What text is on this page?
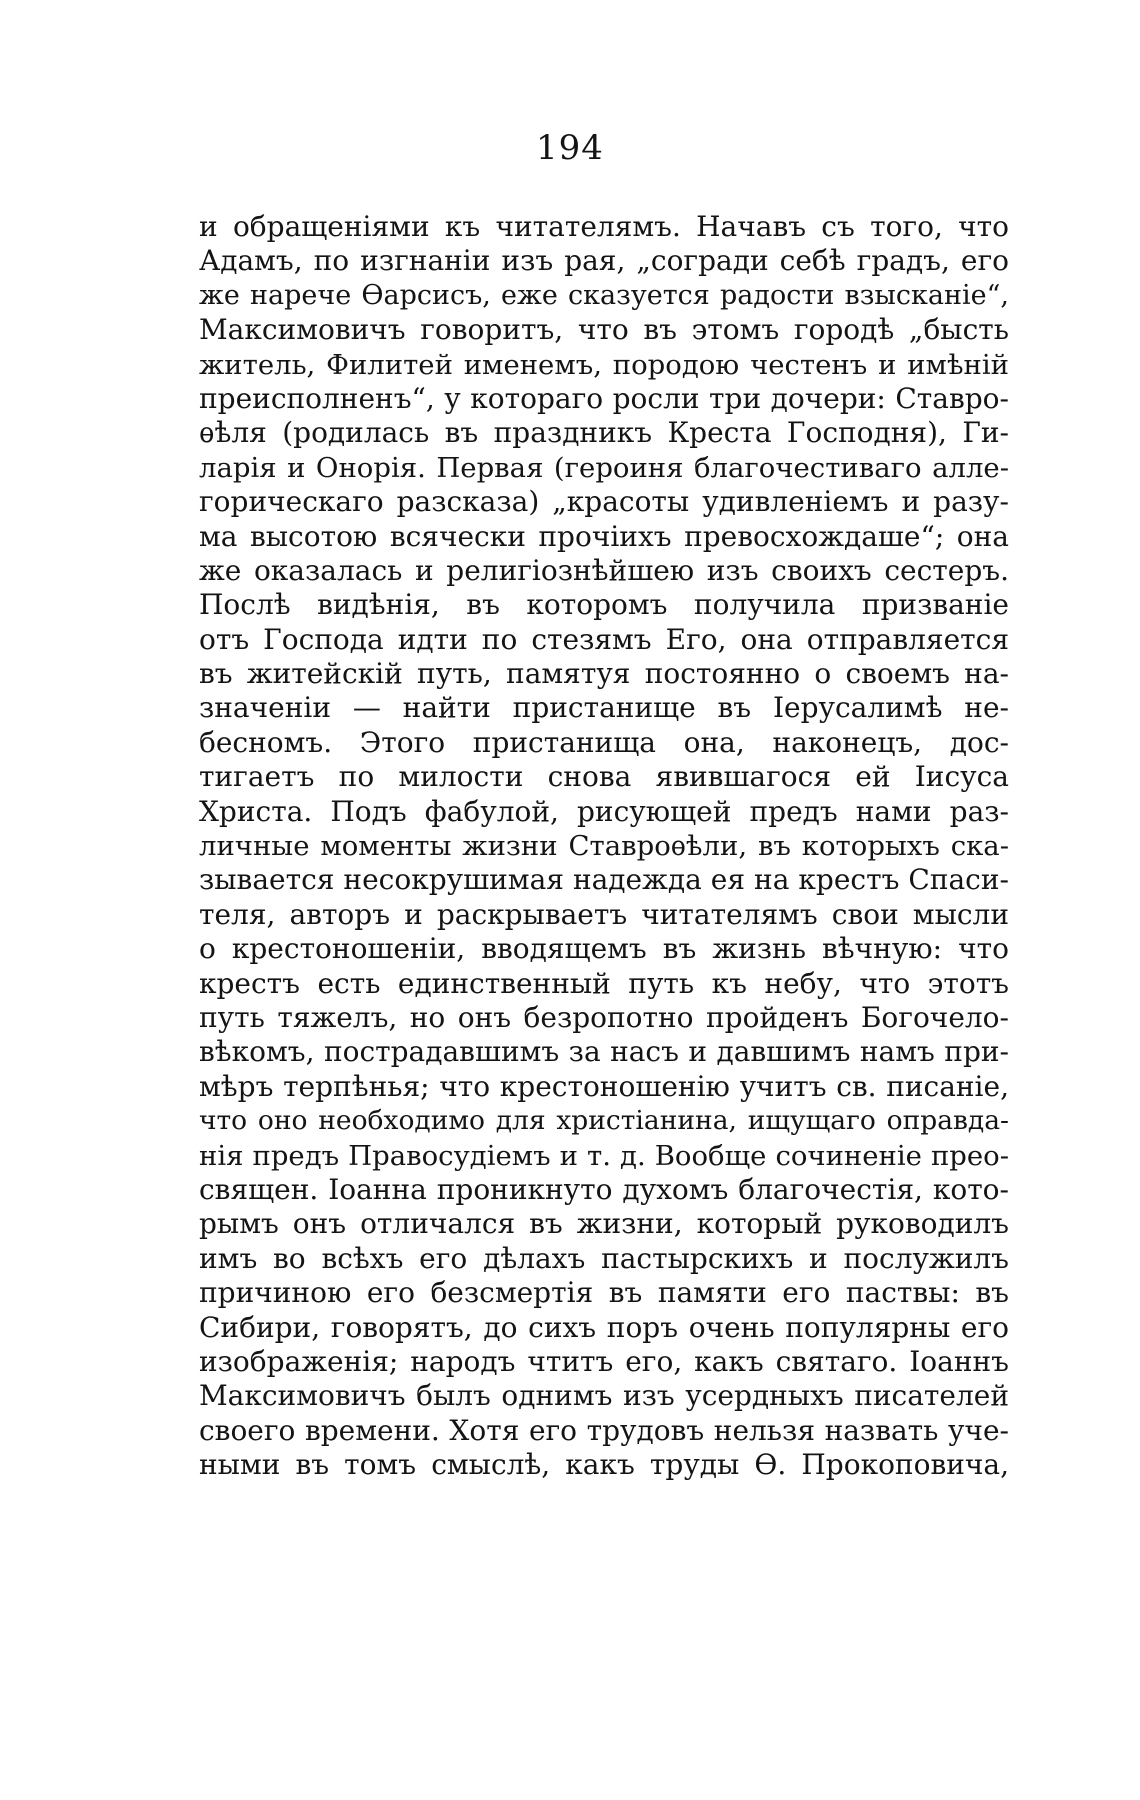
194
и обращеніями къ читателямъ. Начавъ съ того, что
Адамъ, по изгнаніи изъ рая, „согради себѣ градъ, его
же нарече Ѳарсисъ, еже сказуется радости взысканіе“,
Максимовичъ говоритъ, что въ этомъ городѣ „бысть
житель, Филитей именемъ, породою честенъ и имѣній
преисполненъ“, у котораго росли три дочери: Ставро-
ѳѣля (родилась въ праздникъ Креста Господня), Ги-
ларія и Онорія. Первая (героиня благочестиваго алле-
горическаго разсказа) „красоты удивленіемъ и разу-
ма высотою всячески прочіихъ превосхождаше“; она
же оказалась и религіознѣйшею изъ своихъ сестеръ.
Послѣ видѣнія, въ которомъ получила призваніе
отъ Господа идти по стезямъ Его, она отправляется
въ житейскій путь, памятуя постоянно о своемъ на-
значеніи — найти пристанище въ Іерусалимѣ не-
бесномъ. Этого пристанища она, наконецъ, дос-
тигаетъ по милости снова явившагося ей Іисуса
Христа. Подъ фабулой, рисующей предъ нами раз-
личные моменты жизни Ставроѳѣли, въ которыхъ ска-
зывается несокрушимая надежда ея на крестъ Спаси-
теля, авторъ и раскрываетъ читателямъ свои мысли
о крестоношеніи, вводящемъ въ жизнь вѣчную: что
крестъ есть единственный путь къ небу, что этотъ
путь тяжелъ, но онъ безропотно пройденъ Богочело-
вѣкомъ, пострадавшимъ за насъ и давшимъ намъ при-
мѣръ терпѣнья; что крестоношенію учитъ св. писаніе,
что оно необходимо для христіанина, ищущаго оправда-
нія предъ Правосудіемъ и т. д. Вообще сочиненіе прео-
священ. Іоанна проникнуто духомъ благочестія, кото-
рымъ онъ отличался въ жизни, который руководилъ
имъ во всѣхъ его дѣлахъ пастырскихъ и послужилъ
причиною его безсмертія въ памяти его паствы: въ
Сибири, говорятъ, до сихъ поръ очень популярны его
изображенія; народъ чтитъ его, какъ святаго. Іоаннъ
Максимовичъ былъ однимъ изъ усердныхъ писателей
своего времени. Хотя его трудовъ нельзя назвать уче-
ными въ томъ смыслѣ, какъ труды Ѳ. Прокоповича,
